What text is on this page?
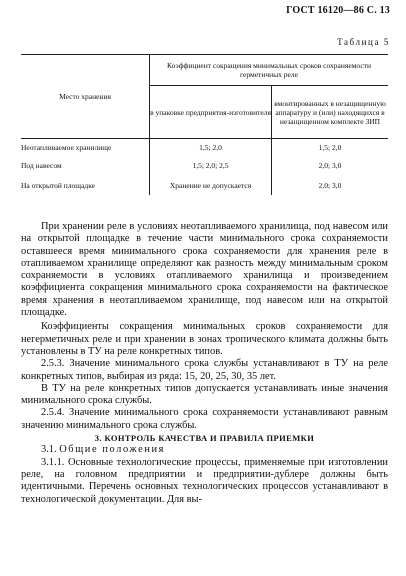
ГОСТ 16120—86 С. 13
Таблица 5
Место хранения	Коэффициент сокращения минимальных сроков сохраняемости герметичных реле	
	в упаковке предприятия-изготовителя	вмонтированных в незащищенную аппаратуру и (или) находящихся в незащищенном комплекте ЗИП
Неотапливаемое хранилище	1,5; 2,0	1,5; 2,0
Под навесом	1,5; 2,0; 2,5	2,0; 3,0
На открытой площадке	Хранение не допускается	2,0; 3,0

При хранении реле в условиях неотапливаемого хранилища, под навесом или на открытой площадке в течение части минимального срока сохраняемости оставшееся время минимального срока сохраняемости для хранения реле в отапливаемом хранилище определяют как разность между минимальным сроком сохраняемости в условиях отапливаемого хранилища и произведением коэффициента сокращения минимального срока сохраняемости на фактическое время хранения в неотапливаемом хранилище, под навесом или на открытой площадке.

Коэффициенты сокращения минимальных сроков сохраняемости для негерметичных реле и при хранении в зонах тропического климата должны быть установлены в ТУ на реле конкретных типов.

2.5.3. Значение минимального срока службы устанавливают в ТУ на реле конкретных типов, выбирая из ряда: 15, 20, 25, 30, 35 лет.

В ТУ на реле конкретных типов допускается устанавливать иные значения минимального срока службы.

2.5.4. Значение минимального срока сохраняемости устанавливают равным значению минимального срока службы.

3. КОНТРОЛЬ КАЧЕСТВА И ПРАВИЛА ПРИЕМКИ

3.1. Общие положения

3.1.1. Основные технологические процессы, применяемые при изготовлении реле, на головном предприятии и предприятии-дублере должны быть идентичными. Перечень основных технологических процессов устанавливают в технологической документации. Для вы-
